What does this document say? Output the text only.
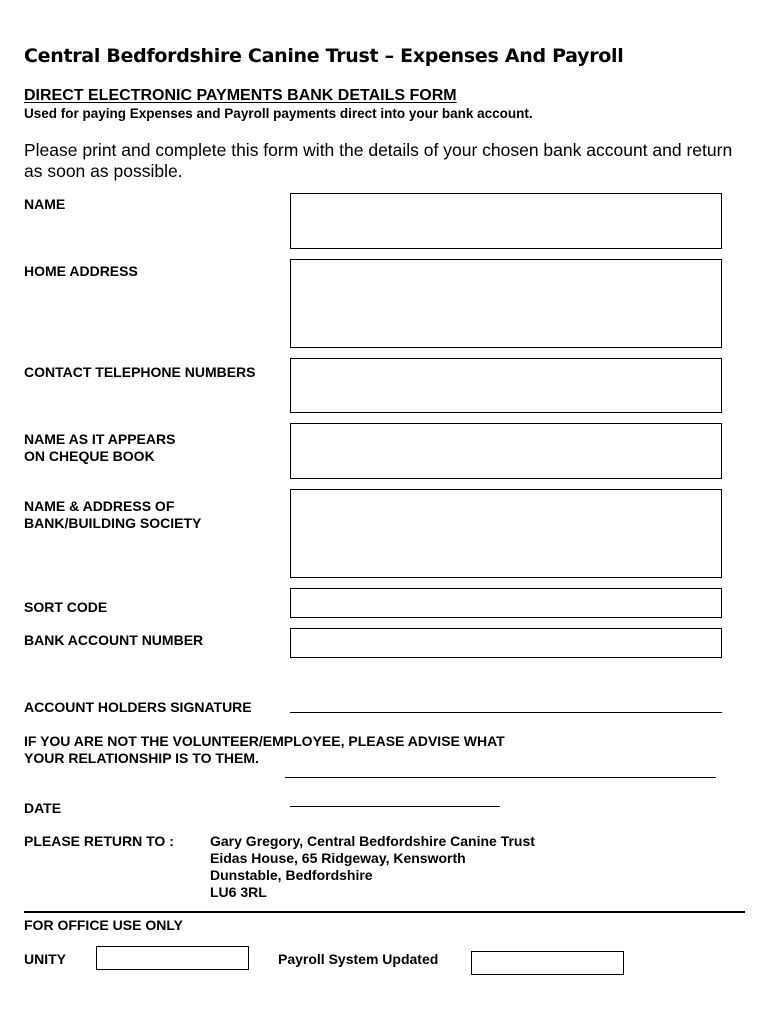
Central Bedfordshire Canine Trust – Expenses And Payroll
DIRECT ELECTRONIC PAYMENTS BANK DETAILS FORM
Used for paying Expenses and Payroll payments direct into your bank account.
Please print and complete this form with the details of your chosen bank account and return as soon as possible.
NAME
HOME ADDRESS
CONTACT TELEPHONE NUMBERS
NAME AS IT APPEARS
ON CHEQUE BOOK
NAME & ADDRESS OF
BANK/BUILDING SOCIETY
SORT CODE
BANK ACCOUNT NUMBER
ACCOUNT HOLDERS SIGNATURE
IF YOU ARE NOT THE VOLUNTEER/EMPLOYEE, PLEASE ADVISE WHAT
YOUR RELATIONSHIP IS TO THEM.
DATE
PLEASE RETURN TO :	Gary Gregory, Central Bedfordshire Canine Trust
Eidas House, 65 Ridgeway, Kensworth
Dunstable, Bedfordshire
LU6 3RL
FOR OFFICE USE ONLY
UNITY	Payroll System Updated
